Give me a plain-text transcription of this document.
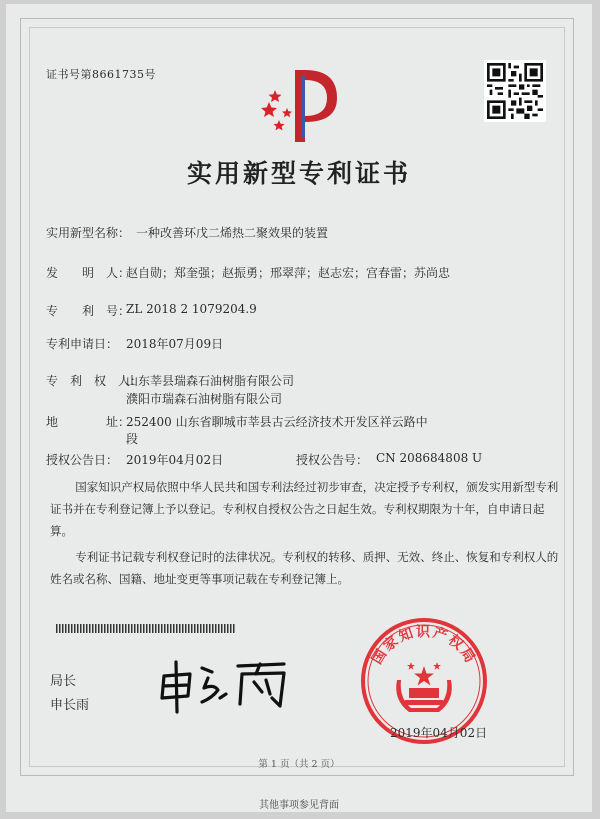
证书号第8661735号
实用新型专利证书
实用新型名称： 一种改善环戊二烯热二聚效果的装置
发　　明　人：
赵自勋；郑奎强；赵振勇；邢翠萍；赵志宏；宫春雷；苏尚忠
专　　利　号：
ZL 2018 2 1079204.9
专利申请日： 2018年07月09日
专　利　权　人：
山东莘县瑞森石油树脂有限公司
濮阳市瑞森石油树脂有限公司
地　　　　址：
252400 山东省聊城市莘县古云经济技术开发区祥云路中
段
授权公告日： 2019年04月02日	授权公告号： CN 208684808 U
国家知识产权局依照中华人民共和国专利法经过初步审查，决定授予专利权，颁发实用新型专利证书并在专利登记簿上予以登记。专利权自授权公告之日起生效。专利权期限为十年，自申请日起算。
专利证书记载专利权登记时的法律状况。专利权的转移、质押、无效、终止、恢复和专利权人的姓名或名称、国籍、地址变更等事项记载在专利登记簿上。
局长
申长雨
国家知识产权局
2019年04月02日
第 1 页（共 2 页）
其他事项参见背面
